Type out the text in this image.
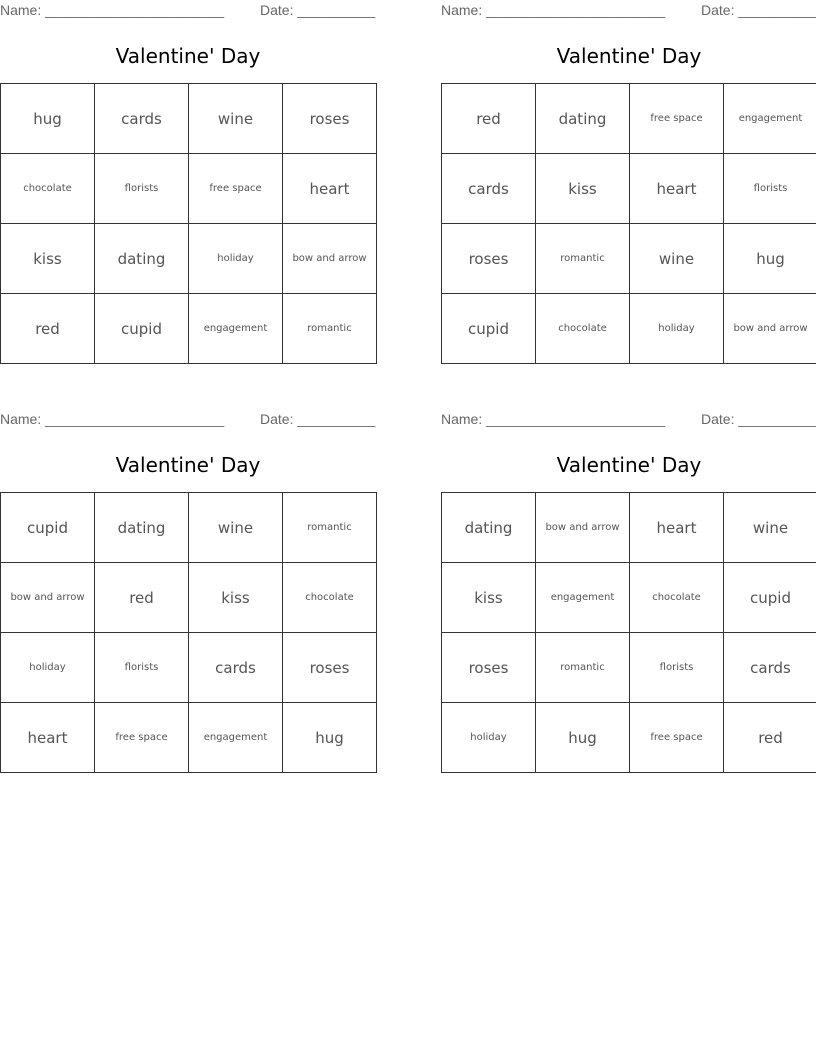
Name: _______________________	Date: __________
Valentine' Day
hug	cards	wine	roses
chocolate	florists	free space	heart
kiss	dating	holiday	bow and arrow
red	cupid	engagement	romantic
Name: _______________________	Date: __________
Valentine' Day
red	dating	free space	engagement
cards	kiss	heart	florists
roses	romantic	wine	hug
cupid	chocolate	holiday	bow and arrow
Name: _______________________	Date: __________
Valentine' Day
cupid	dating	wine	romantic
bow and arrow	red	kiss	chocolate
holiday	florists	cards	roses
heart	free space	engagement	hug
Name: _______________________	Date: __________
Valentine' Day
dating	bow and arrow	heart	wine
kiss	engagement	chocolate	cupid
roses	romantic	florists	cards
holiday	hug	free space	red
